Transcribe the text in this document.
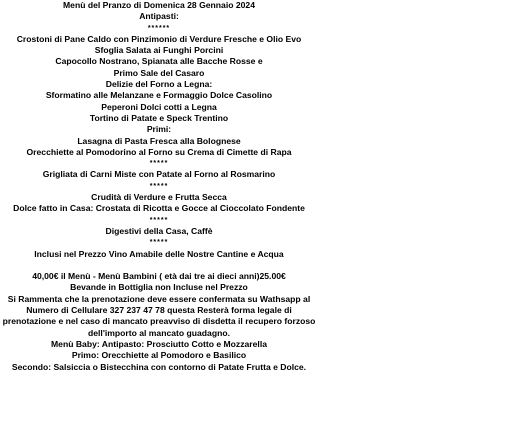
Menù del Pranzo di Domenica 28 Gennaio 2024
Antipasti:
******
Crostoni di Pane Caldo con Pinzimonio di Verdure Fresche e Olio Evo
Sfoglia Salata ai Funghi Porcini
Capocollo Nostrano, Spianata alle Bacche Rosse e
Primo Sale del Casaro
Delizie del Forno a Legna:
Sformatino alle Melanzane e Formaggio Dolce Casolino
Peperoni Dolci cotti a Legna
Tortino di Patate e Speck Trentino
Primi:
Lasagna di Pasta Fresca alla Bolognese
Orecchiette al Pomodorino al Forno su Crema di Cimette di Rapa
*****
Grigliata di Carni Miste con Patate al Forno al Rosmarino
*****
Crudità di Verdure e Frutta Secca
Dolce fatto in Casa: Crostata di Ricotta e Gocce al Cioccolato Fondente
*****
Digestivi della Casa, Caffè
*****
Inclusi nel Prezzo Vino Amabile delle Nostre Cantine e Acqua
40,00€ il Menù - Menù Bambini ( età dai tre ai dieci anni)25.00€
Bevande in Bottiglia non Incluse nel Prezzo
Si Rammenta che la prenotazione deve essere confermata su Wathsapp al Numero di Cellulare 327 237 47 78 questa Resterà forma legale di prenotazione e nel caso di mancato preavviso di disdetta il recupero forzoso dell'importo al mancato guadagno.
Menù Baby: Antipasto: Prosciutto Cotto e Mozzarella
Primo: Orecchiette al Pomodoro e Basilico
Secondo: Salsiccia o Bistecchina con contorno di Patate Frutta e Dolce.
